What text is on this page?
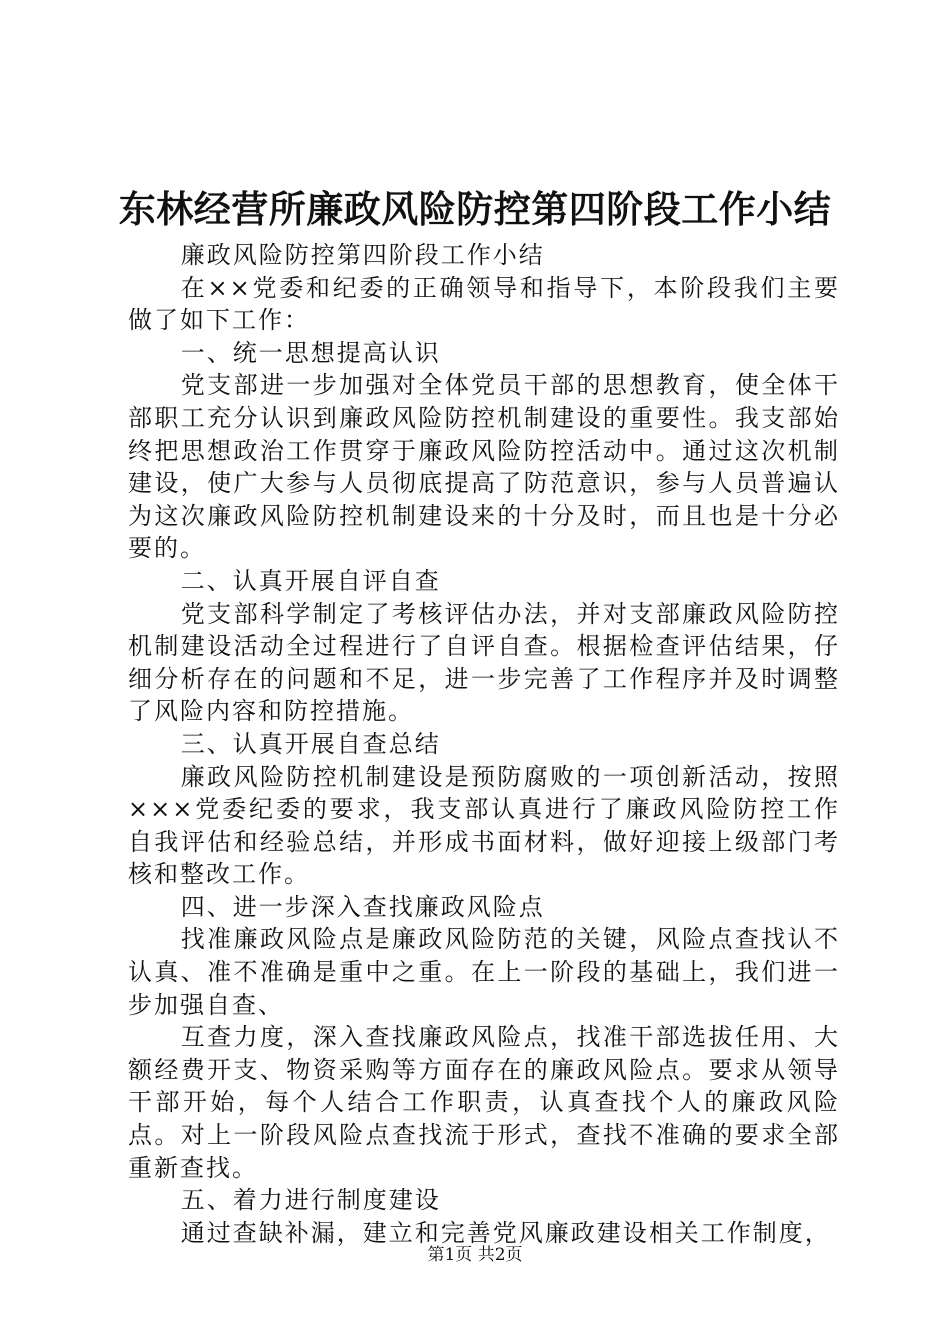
东林经营所廉政风险防控第四阶段工作小结

廉政风险防控第四阶段工作小结

在××党委和纪委的正确领导和指导下，本阶段我们主要做了如下工作：

一、统一思想提高认识

党支部进一步加强对全体党员干部的思想教育，使全体干部职工充分认识到廉政风险防控机制建设的重要性。我支部始终把思想政治工作贯穿于廉政风险防控活动中。通过这次机制建设，使广大参与人员彻底提高了防范意识，参与人员普遍认为这次廉政风险防控机制建设来的十分及时，而且也是十分必要的。

二、认真开展自评自查

党支部科学制定了考核评估办法，并对支部廉政风险防控机制建设活动全过程进行了自评自查。根据检查评估结果，仔细分析存在的问题和不足，进一步完善了工作程序并及时调整了风险内容和防控措施。

三、认真开展自查总结

廉政风险防控机制建设是预防腐败的一项创新活动，按照×××党委纪委的要求，我支部认真进行了廉政风险防控工作自我评估和经验总结，并形成书面材料，做好迎接上级部门考核和整改工作。

四、进一步深入查找廉政风险点

找准廉政风险点是廉政风险防范的关键，风险点查找认不认真、准不准确是重中之重。在上一阶段的基础上，我们进一步加强自查、

互查力度，深入查找廉政风险点，找准干部选拔任用、大额经费开支、物资采购等方面存在的廉政风险点。要求从领导干部开始，每个人结合工作职责，认真查找个人的廉政风险点。对上一阶段风险点查找流于形式，查找不准确的要求全部重新查找。

五、着力进行制度建设

通过查缺补漏，建立和完善党风廉政建设相关工作制度，

第1页 共2页
